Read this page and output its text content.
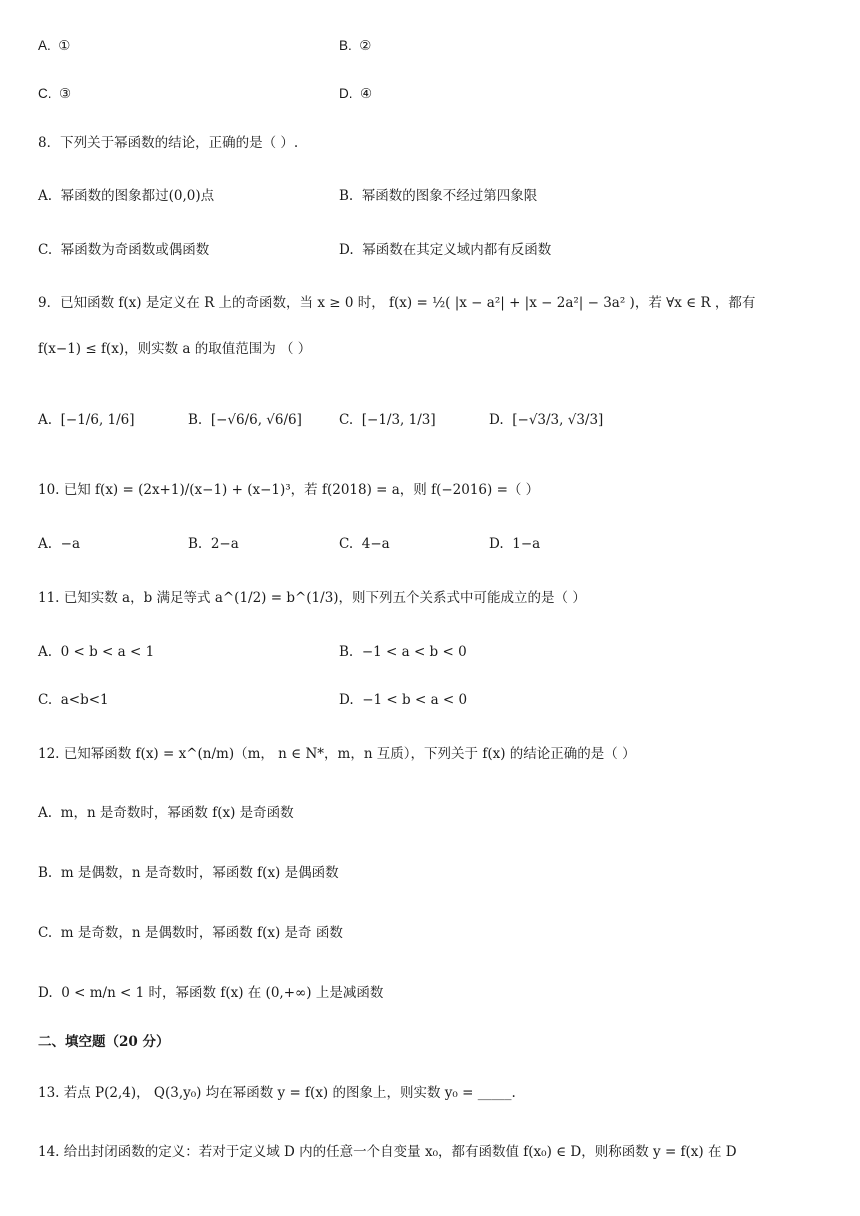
A. ①	B. ②
C. ③	D. ④
8．下列关于幂函数的结论，正确的是（ ）.
A. 幂函数的图象都过(0,0)点	B. 幂函数的图象不经过第四象限
C. 幂函数为奇函数或偶函数	D. 幂函数在其定义域内都有反函数
9．已知函数 f(x) 是定义在 R 上的奇函数，当 x ≥ 0 时， f(x) = ½( |x − a²| + |x − 2a²| − 3a² )，若 ∀x ∈ R ，都有
f(x−1) ≤ f(x)，则实数 a 的取值范围为 （ ）
A. [−1/6, 1/6]	B. [−√6/6, √6/6]	C. [−1/3, 1/3]	D. [−√3/3, √3/3]
10. 已知 f(x) = (2x+1)/(x−1) + (x−1)³，若 f(2018) = a，则 f(−2016) =（ ）
A. −a	B. 2−a	C. 4−a	D. 1−a
11. 已知实数 a，b 满足等式 a^(1/2) = b^(1/3)，则下列五个关系式中可能成立的是（ ）
A. 0 < b < a < 1	B. −1 < a < b < 0
C. a<b<1	D. −1 < b < a < 0
12. 已知幂函数 f(x) = x^(n/m)（m， n ∈ N*，m，n 互质），下列关于 f(x) 的结论正确的是（ ）
A. m，n 是奇数时，幂函数 f(x) 是奇函数
B. m 是偶数，n 是奇数时，幂函数 f(x) 是偶函数
C. m 是奇数，n 是偶数时，幂函数 f(x) 是奇 函数
D. 0 < m/n < 1 时，幂函数 f(x) 在 (0,+∞) 上是减函数
二、填空题（20 分）
13. 若点 P(2,4)， Q(3,y₀) 均在幂函数 y = f(x) 的图象上，则实数 y₀ = _____.
14. 给出封闭函数的定义：若对于定义域 D 内的任意一个自变量 x₀，都有函数值 f(x₀) ∈ D，则称函数 y = f(x) 在 D
